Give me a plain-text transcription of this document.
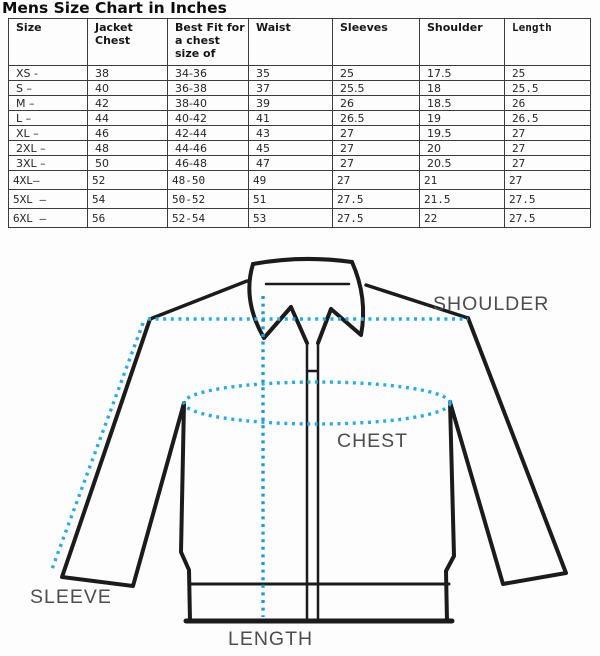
Mens Size Chart in Inches
Size	Jacket Chest	Best Fit for a chest size of	Waist	Sleeves	Shoulder	Length
XS -	38	34-36	35	25	17.5	25
S –	40	36-38	37	25.5	18	25.5
M –	42	38-40	39	26	18.5	26
L –	44	40-42	41	26.5	19	26.5
XL –	46	42-44	43	27	19.5	27
2XL –	48	44-46	45	27	20	27
3XL –	50	46-48	47	27	20.5	27
4XL–	52	48-50	49	27	21	27
5XL –	54	50-52	51	27.5	21.5	27.5
6XL –	56	52-54	53	27.5	22	27.5
SHOULDER
CHEST
SLEEVE
LENGTH
